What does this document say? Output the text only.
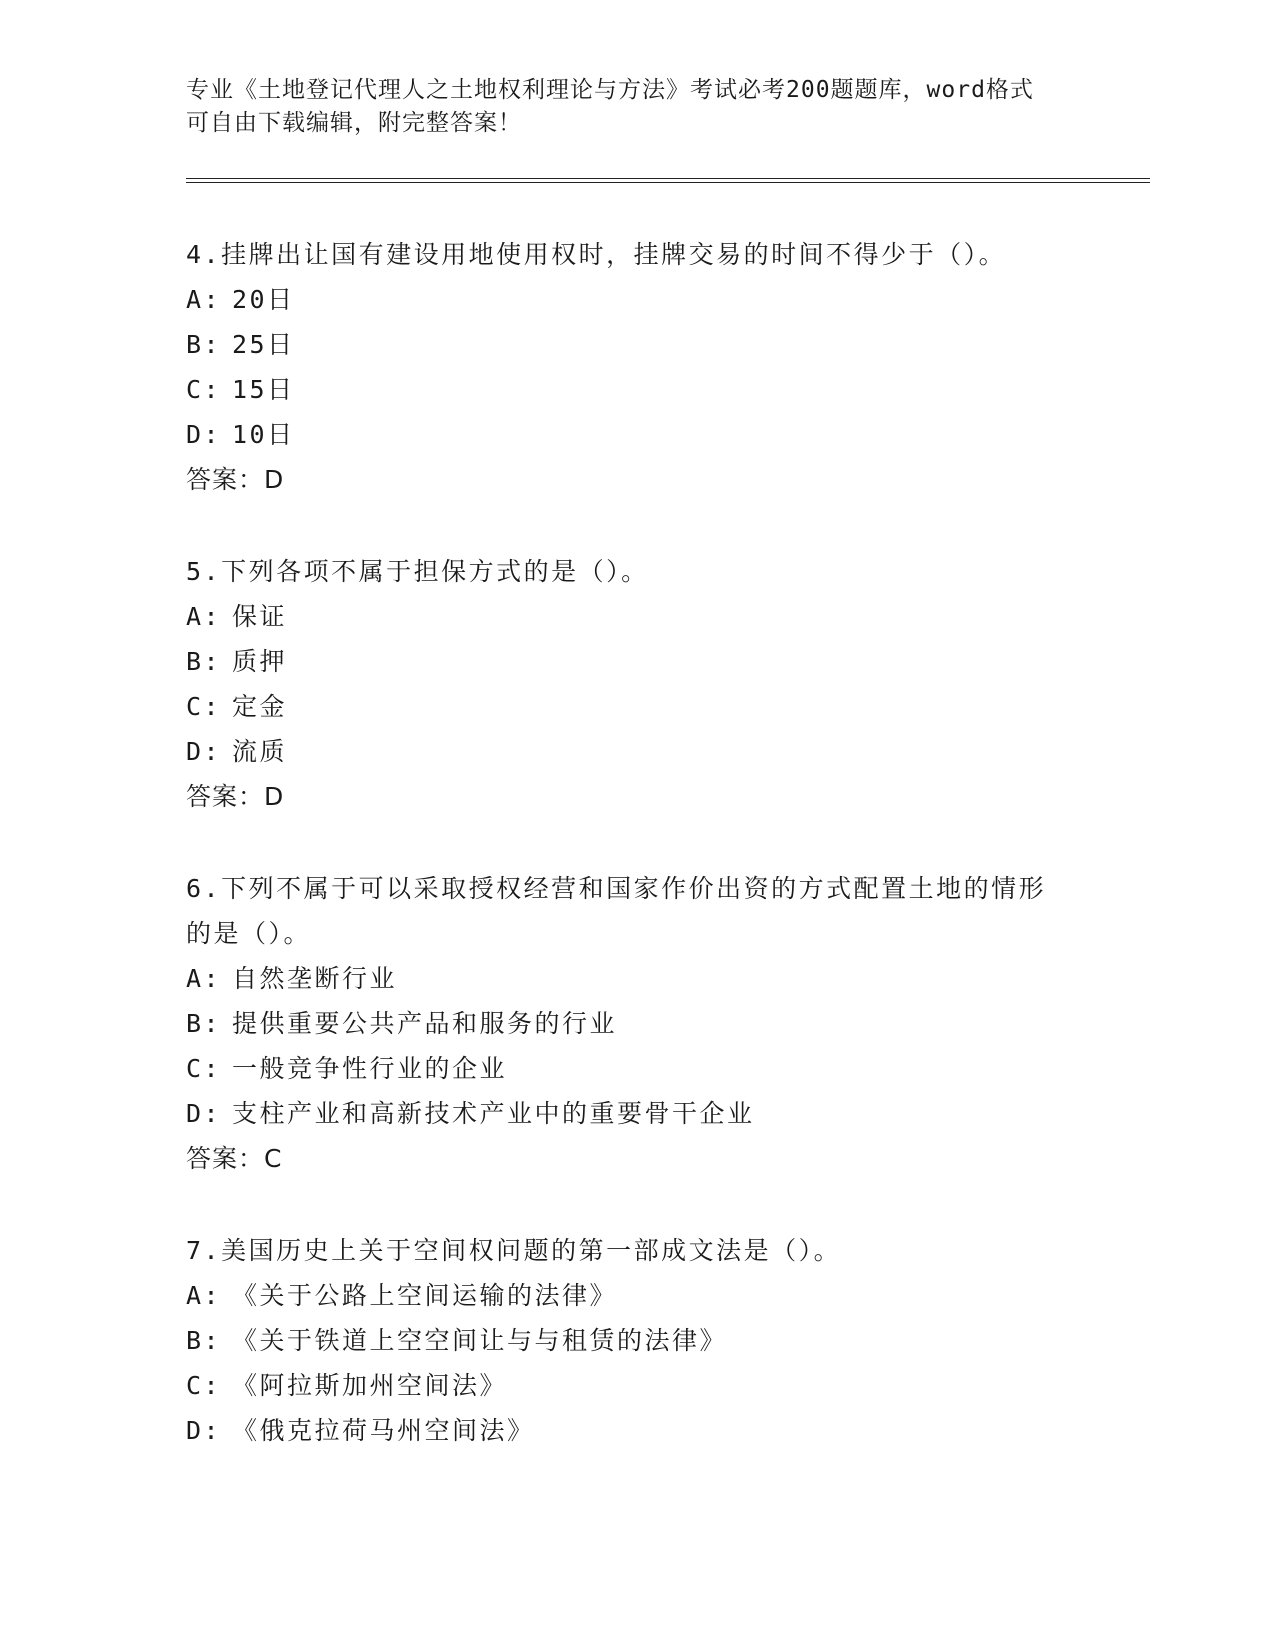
专业《土地登记代理人之土地权利理论与方法》考试必考200题题库，word格式
可自由下载编辑，附完整答案！
4.挂牌出让国有建设用地使用权时，挂牌交易的时间不得少于（）。
A: 20日
B: 25日
C: 15日
D: 10日
答案：D
5.下列各项不属于担保方式的是（）。
A: 保证
B: 质押
C: 定金
D: 流质
答案：D
6.下列不属于可以采取授权经营和国家作价出资的方式配置土地的情形的是（）。
A: 自然垄断行业
B: 提供重要公共产品和服务的行业
C: 一般竞争性行业的企业
D: 支柱产业和高新技术产业中的重要骨干企业
答案：C
7.美国历史上关于空间权问题的第一部成文法是（）。
A: 《关于公路上空间运输的法律》
B: 《关于铁道上空空间让与与租赁的法律》
C: 《阿拉斯加州空间法》
D: 《俄克拉荷马州空间法》
